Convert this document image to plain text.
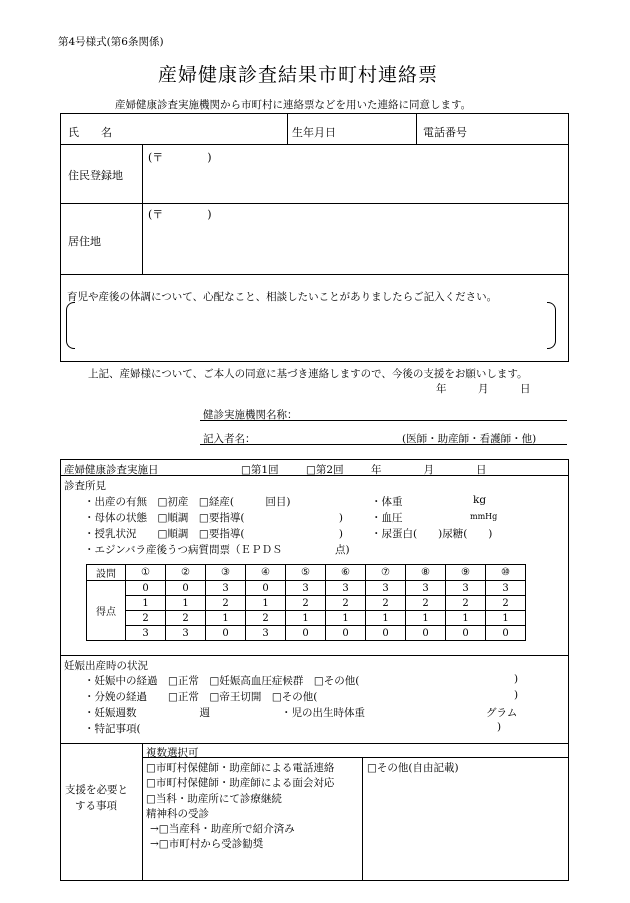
第4号様式(第6条関係)
産婦健康診査結果市町村連絡票
産婦健康診査実施機関から市町村に連絡票などを用いた連絡に同意します。
氏　　名	生年月日	電話番号
(〒　　　　)
住民登録地
(〒　　　　)
居住地
育児や産後の体調について、心配なこと、相談したいことがありましたらご記入ください。
上記、産婦様について、ご本人の同意に基づき連絡しますので、今後の支援をお願いします。
年　　　月　　　日
健診実施機関名称：
記入者名：	(医師・助産師・看護師・他)
産婦健康診査実施日	□第1回	□第2回	年　　　　月　　　　日
診査所見
・出産の有無　□初産　□経産(　　　回目)	・体重	kg
・母体の状態　□順調　□要指導(　　　　　　　　　)	・血圧	mmHg
・授乳状況　　□順調　□要指導(　　　　　　　　　)	・尿蛋白(　　)尿糖(　　)
・エジンバラ産後うつ病質問票（ＥＰＤＳ　　　　　点)
設問	①	②	③	④	⑤	⑥	⑦	⑧	⑨	⑩
得点	0	0	3	0	3	3	3	3	3	3
	1	1	2	1	2	2	2	2	2	2
	2	2	1	2	1	1	1	1	1	1
	3	3	0	3	0	0	0	0	0	0
妊娠出産時の状況
・妊娠中の経過　□正常　□妊娠高血圧症候群　□その他(	)
・分娩の経過　　□正常　□帝王切開　□その他(	)
・妊娠週数　　　　　　週	・児の出生時体重	グラム
・特記事項(	)
支援を必要と
する事項
複数選択可
□市町村保健師・助産師による電話連絡
□市町村保健師・助産師による面会対応
□当科・助産所にて診療継続
精神科の受診
→□当産科・助産所で紹介済み
→□市町村から受診勧奨
□その他(自由記載)
